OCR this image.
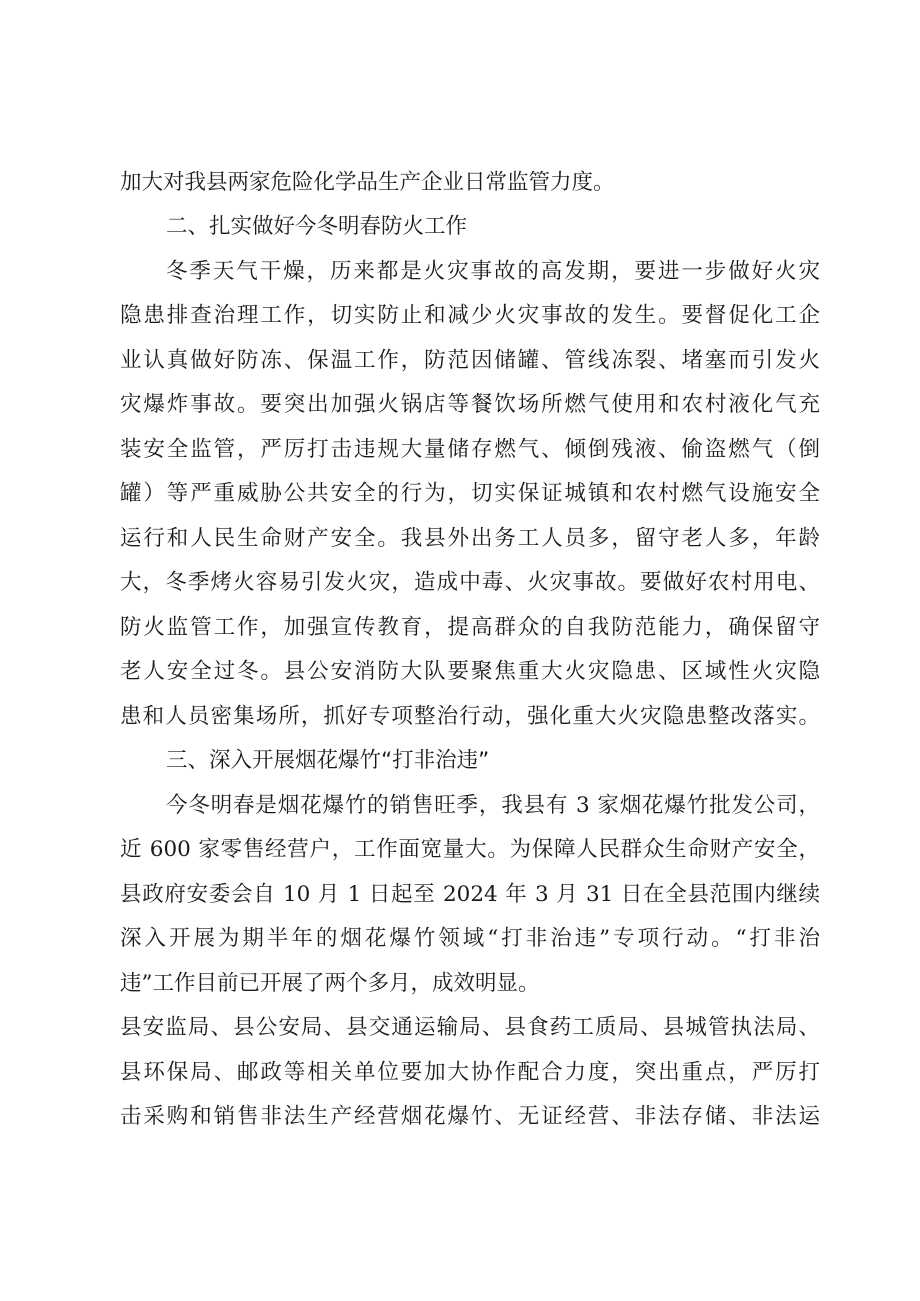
加大对我县两家危险化学品生产企业日常监管力度。
二、扎实做好今冬明春防火工作
冬季天气干燥，历来都是火灾事故的高发期，要进一步做好火灾
隐患排查治理工作，切实防止和减少火灾事故的发生。要督促化工企
业认真做好防冻、保温工作，防范因储罐、管线冻裂、堵塞而引发火
灾爆炸事故。要突出加强火锅店等餐饮场所燃气使用和农村液化气充
装安全监管，严厉打击违规大量储存燃气、倾倒残液、偷盗燃气（倒
罐）等严重威胁公共安全的行为，切实保证城镇和农村燃气设施安全
运行和人民生命财产安全。我县外出务工人员多，留守老人多，年龄
大，冬季烤火容易引发火灾，造成中毒、火灾事故。要做好农村用电、
防火监管工作，加强宣传教育，提高群众的自我防范能力，确保留守
老人安全过冬。县公安消防大队要聚焦重大火灾隐患、区域性火灾隐
患和人员密集场所，抓好专项整治行动，强化重大火灾隐患整改落实。
三、深入开展烟花爆竹“打非治违”
今冬明春是烟花爆竹的销售旺季，我县有 3 家烟花爆竹批发公司，
近 600 家零售经营户，工作面宽量大。为保障人民群众生命财产安全，
县政府安委会自 10 月 1 日起至 2024 年 3 月 31 日在全县范围内继续
深入开展为期半年的烟花爆竹领域“打非治违”专项行动。“打非治
违”工作目前已开展了两个多月，成效明显。
县安监局、县公安局、县交通运输局、县食药工质局、县城管执法局、
县环保局、邮政等相关单位要加大协作配合力度，突出重点，严厉打
击采购和销售非法生产经营烟花爆竹、无证经营、非法存储、非法运
